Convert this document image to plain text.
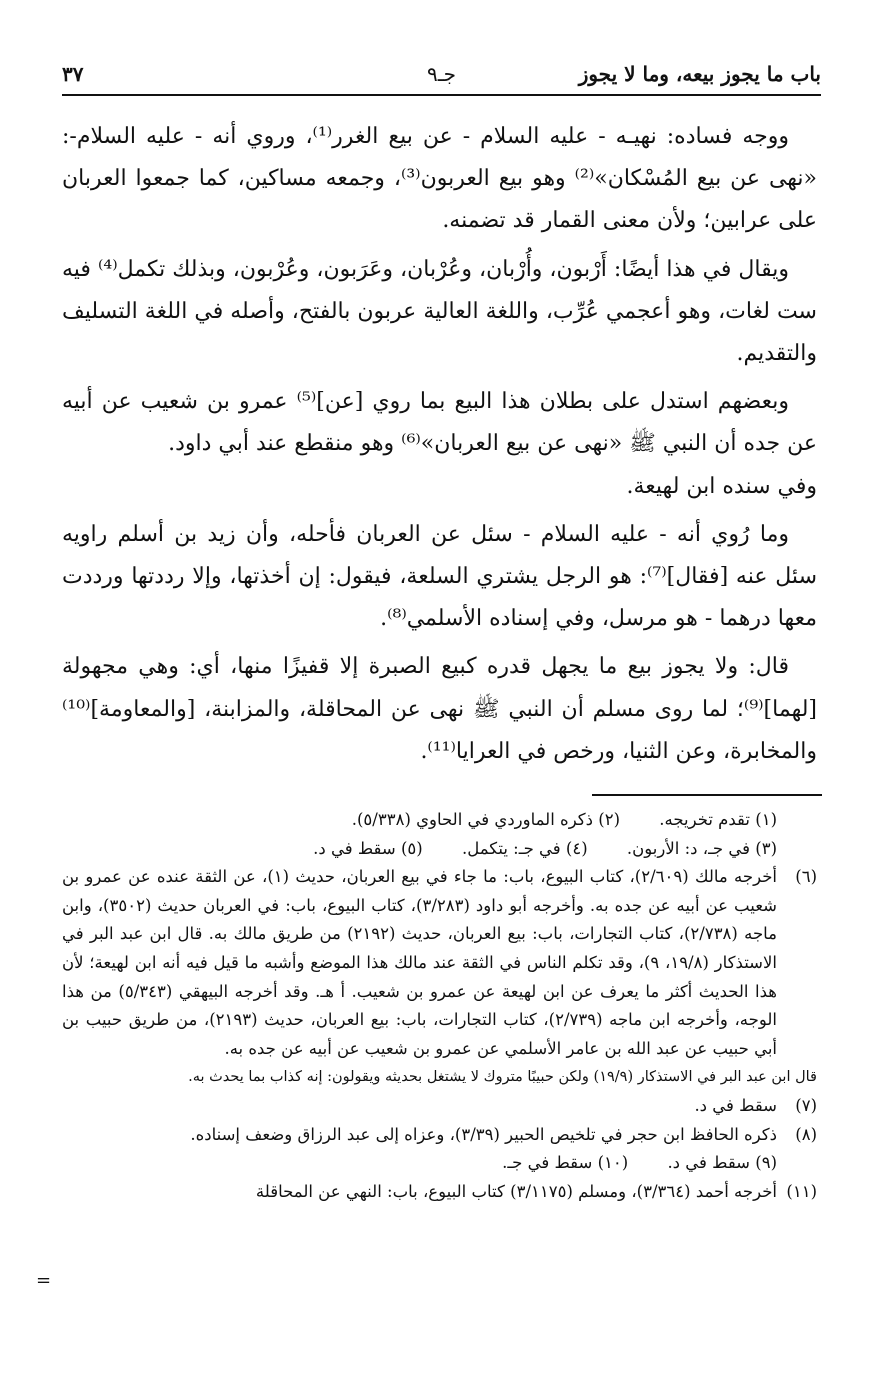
باب ما يجوز بيعه، وما لا يجوز
جـ٩
٣٧

ووجه فساده: نهيـه - عليه السلام - عن بيع الغرر⁽¹⁾، وروي أنه - عليه السلام-: «نهى عن بيع المُسْكان»⁽²⁾ وهو بيع العربون⁽³⁾، وجمعه مساكين، كما جمعوا العربان على عرابين؛ ولأن معنى القمار قد تضمنه.

ويقال في هذا أيضًا: أَرْبون، وأُرْبان، وعُرْبان، وعَرَبون، وعُرْبون، وبذلك تكمل⁽⁴⁾ فيه ست لغات، وهو أعجمي عُرِّب، واللغة العالية عربون بالفتح، وأصله في اللغة التسليف والتقديم.

وبعضهم استدل على بطلان هذا البيع بما روي [عن]⁽⁵⁾ عمرو بن شعيب عن أبيه عن جده أن النبي ﷺ «نهى عن بيع العربان»⁽⁶⁾ وهو منقطع عند أبي داود.

وفي سنده ابن لهيعة.

وما رُوي أنه - عليه السلام - سئل عن العربان فأحله، وأن زيد بن أسلم راويه سئل عنه [فقال]⁽⁷⁾: هو الرجل يشتري السلعة، فيقول: إن أخذتها، وإلا رددتها ورددت معها درهما - هو مرسل، وفي إسناده الأسلمي⁽⁸⁾.

قال: ولا يجوز بيع ما يجهل قدره كبيع الصبرة إلا قفيزًا منها، أي: وهي مجهولة [لهما]⁽⁹⁾؛ لما روى مسلم أن النبي ﷺ نهى عن المحاقلة، والمزابنة، [والمعاومة]⁽¹⁰⁾ والمخابرة، وعن الثنيا، ورخص في العرايا⁽¹¹⁾.

(١) تقدم تخريجه. (٢) ذكره الماوردي في الحاوي (٥/٣٣٨).

(٣) في جـ، د: الأربون. (٤) في جـ: يتكمل. (٥) سقط في د.

(٦)
أخرجه مالك (٢/٦٠٩)، كتاب البيوع، باب: ما جاء في بيع العربان، حديث (١)، عن الثقة عنده عن عمرو بن شعيب عن أبيه عن جده به. وأخرجه أبو داود (٣/٢٨٣)، كتاب البيوع، باب: في العربان حديث (٣٥٠٢)، وابن ماجه (٢/٧٣٨)، كتاب التجارات، باب: بيع العربان، حديث (٢١٩٢) من طريق مالك به. قال ابن عبد البر في الاستذكار (١٩/٨، ٩)، وقد تكلم الناس في الثقة عند مالك هذا الموضع وأشبه ما قيل فيه أنه ابن لهيعة؛ لأن هذا الحديث أكثر ما يعرف عن ابن لهيعة عن عمرو بن شعيب. أ هـ. وقد أخرجه البيهقي (٥/٣٤٣) من هذا الوجه، وأخرجه ابن ماجه (٢/٧٣٩)، كتاب التجارات، باب: بيع العربان، حديث (٢١٩٣)، من طريق حبيب بن أبي حبيب عن عبد الله بن عامر الأسلمي عن عمرو بن شعيب عن أبيه عن جده به.

قال ابن عبد البر في الاستذكار (١٩/٩) ولكن حبيبًا متروك لا يشتغل بحديثه ويقولون: إنه كذاب بما يحدث به.

(٧)
سقط في د.

(٨)
ذكره الحافظ ابن حجر في تلخيص الحبير (٣/٣٩)، وعزاه إلى عبد الرزاق وضعف إسناده.

(٩) سقط في د. (١٠) سقط في جـ.

(١١)
أخرجه أحمد (٣/٣٦٤)، ومسلم (٣/١١٧٥) كتاب البيوع، باب: النهي عن المحاقلة

=
